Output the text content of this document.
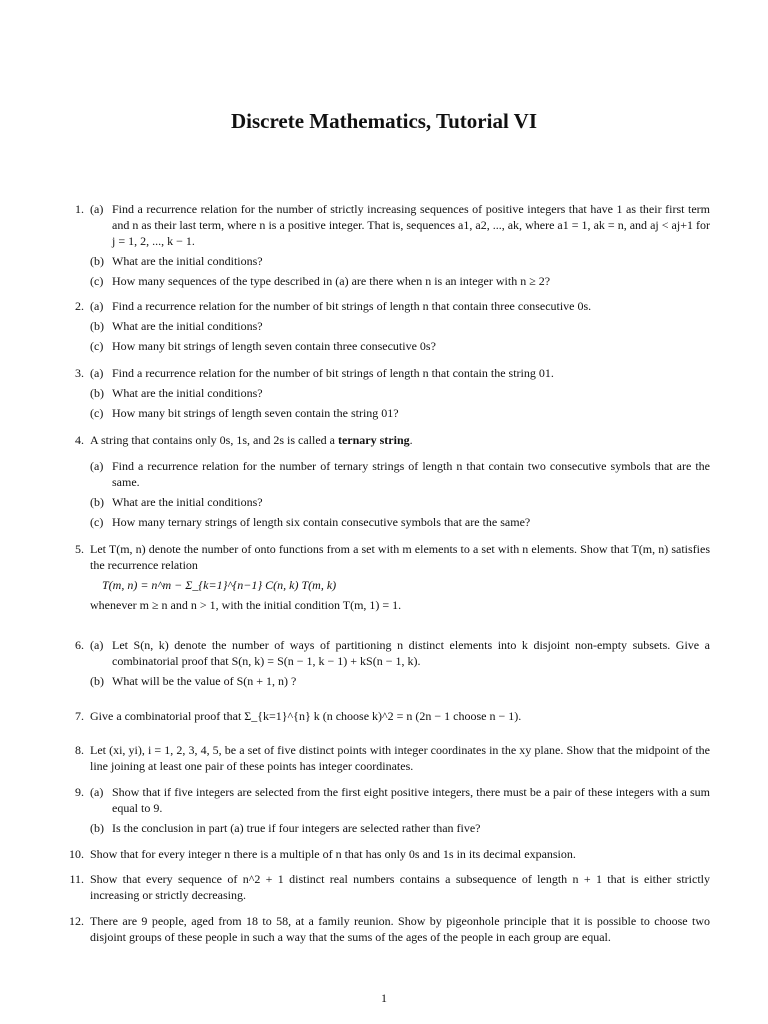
Discrete Mathematics, Tutorial VI
1. (a) Find a recurrence relation for the number of strictly increasing sequences of positive integers that have 1 as their first term and n as their last term, where n is a positive integer. That is, sequences a1, a2, ..., ak, where a1 = 1, ak = n, and aj < aj+1 for j = 1, 2, ..., k − 1.
(b) What are the initial conditions?
(c) How many sequences of the type described in (a) are there when n is an integer with n ≥ 2?
2. (a) Find a recurrence relation for the number of bit strings of length n that contain three consecutive 0s.
(b) What are the initial conditions?
(c) How many bit strings of length seven contain three consecutive 0s?
3. (a) Find a recurrence relation for the number of bit strings of length n that contain the string 01.
(b) What are the initial conditions?
(c) How many bit strings of length seven contain the string 01?
4. A string that contains only 0s, 1s, and 2s is called a ternary string.
(a) Find a recurrence relation for the number of ternary strings of length n that contain two consecutive symbols that are the same.
(b) What are the initial conditions?
(c) How many ternary strings of length six contain consecutive symbols that are the same?
5. Let T(m, n) denote the number of onto functions from a set with m elements to a set with n elements. Show that T(m, n) satisfies the recurrence relation
T(m, n) = n^m − Σ_{k=1}^{n−1} C(n, k) T(m, k)
whenever m ≥ n and n > 1, with the initial condition T(m, 1) = 1.
6. (a) Let S(n, k) denote the number of ways of partitioning n distinct elements into k disjoint non-empty subsets. Give a combinatorial proof that S(n, k) = S(n − 1, k − 1) + kS(n − 1, k).
(b) What will be the value of S(n + 1, n) ?
7. Give a combinatorial proof that Σ_{k=1}^{n} k (n choose k)^2 = n (2n − 1 choose n − 1).
8. Let (xi, yi), i = 1, 2, 3, 4, 5, be a set of five distinct points with integer coordinates in the xy plane. Show that the midpoint of the line joining at least one pair of these points has integer coordinates.
9. (a) Show that if five integers are selected from the first eight positive integers, there must be a pair of these integers with a sum equal to 9.
(b) Is the conclusion in part (a) true if four integers are selected rather than five?
10. Show that for every integer n there is a multiple of n that has only 0s and 1s in its decimal expansion.
11. Show that every sequence of n^2 + 1 distinct real numbers contains a subsequence of length n + 1 that is either strictly increasing or strictly decreasing.
12. There are 9 people, aged from 18 to 58, at a family reunion. Show by pigeonhole principle that it is possible to choose two disjoint groups of these people in such a way that the sums of the ages of the people in each group are equal.
1
